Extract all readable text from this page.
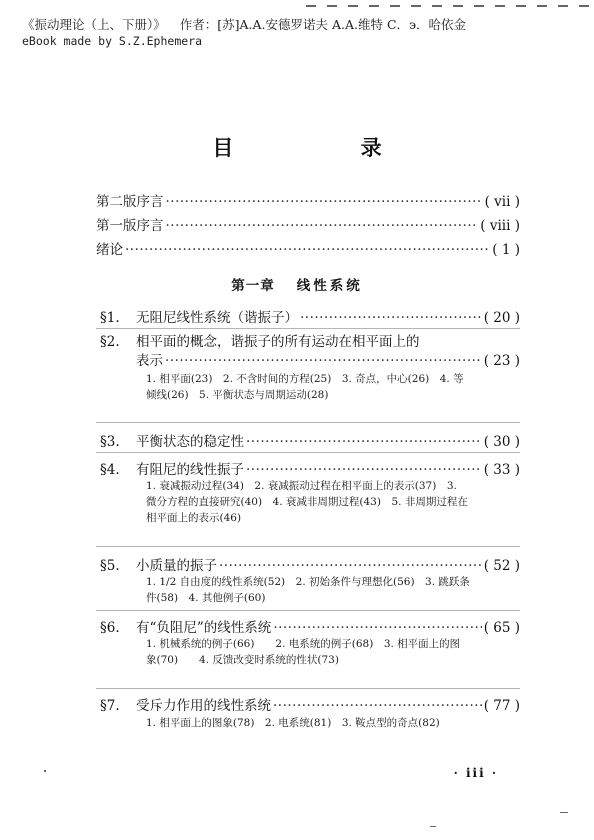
《振动理论（上、下册）》 作者：[苏]A.A.安德罗诺夫 A.A.维特 C．э．哈依金
eBook made by S.Z.Ephemera
目 录
第二版序言 ·····	( vii )
第一版序言 ·····	( viii )
绪论 ·····	( 1 )
第一章 线性系统
§1. 无阻尼线性系统（谐振子） ·····	( 20 )
§2. 相平面的概念，谐振子的所有运动在相平面上的
表示 ·····	( 23 )
1. 相平面(23)　2. 不含时间的方程(25)　3. 奇点，中心(26)　4. 等倾线(26)　5. 平衡状态与周期运动(28)
§3. 平衡状态的稳定性 ·····	( 30 )
§4. 有阻尼的线性振子 ·····	( 33 )
1. 衰减振动过程(34)　2. 衰减振动过程在相平面上的表示(37)　3. 微分方程的直接研究(40)　4. 衰减非周期过程(43)　5. 非周期过程在相平面上的表示(46)
§5. 小质量的振子 ·····	( 52 )
1. 1/2 自由度的线性系统(52)　2. 初始条件与理想化(56)　3. 跳跃条件(58)　4. 其他例子(60)
§6. 有“负阻尼”的线性系统 ·····	( 65 )
1. 机械系统的例子(66)　　2. 电系统的例子(68)　3. 相平面上的图象(70)　　4. 反馈改变时系统的性状(73)
§7. 受斥力作用的线性系统 ·····	( 77 )
1. 相平面上的图象(78)　2. 电系统(81)　3. 鞍点型的奇点(82)
· iii ·
